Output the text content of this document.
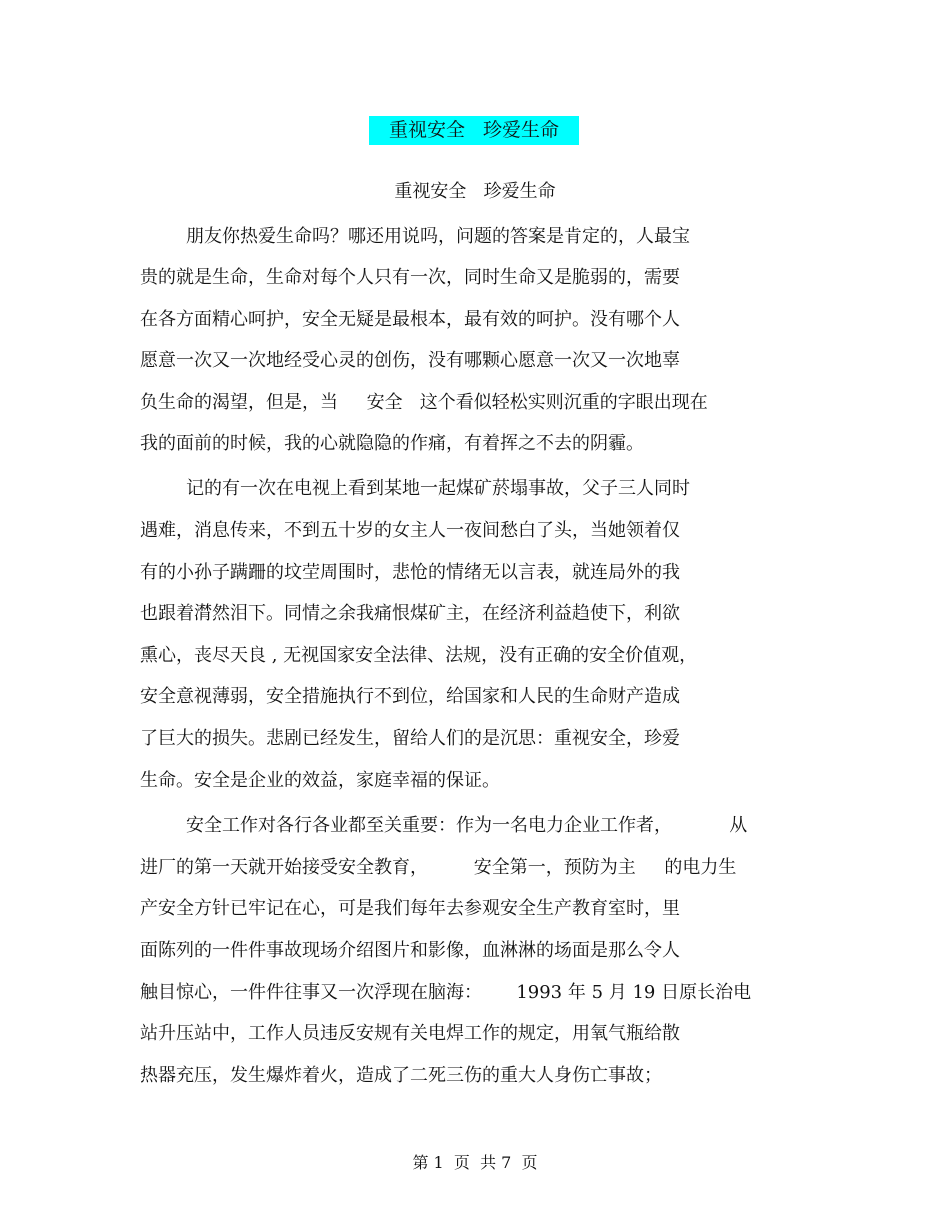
重视安全   珍爱生命
重视安全   珍爱生命
朋友你热爱生命吗？哪还用说吗，问题的答案是肯定的，人最宝
贵的就是生命，生命对每个人只有一次，同时生命又是脆弱的，需要
在各方面精心呵护，安全无疑是最根本，最有效的呵护。没有哪个人
愿意一次又一次地经受心灵的创伤，没有哪颗心愿意一次又一次地辜
负生命的渴望，但是，当     安全   这个看似轻松实则沉重的字眼出现在
我的面前的时候，我的心就隐隐的作痛，有着挥之不去的阴霾。
记的有一次在电视上看到某地一起煤矿菸塌事故，父子三人同时
遇难，消息传来，不到五十岁的女主人一夜间愁白了头，当她领着仅
有的小孙子蹒跚的坟茔周围时，悲怆的情绪无以言表，就连局外的我
也跟着潸然泪下。同情之余我痛恨煤矿主，在经济利益趋使下，利欲
熏心，丧尽天良 , 无视国家安全法律、法规，没有正确的安全价值观，
安全意视薄弱，安全措施执行不到位，给国家和人民的生命财产造成
了巨大的损失。悲剧已经发生，留给人们的是沉思：重视安全，珍爱
生命。安全是企业的效益，家庭幸福的保证。
安全工作对各行各业都至关重要：作为一名电力企业工作者，          从
进厂的第一天就开始接受安全教育，        安全第一，预防为主     的电力生
产安全方针已牢记在心，可是我们每年去参观安全生产教育室时，里
面陈列的一件件事故现场介绍图片和影像，血淋淋的场面是那么令人
触目惊心，一件件往事又一次浮现在脑海：      1993 年 5 月 19 日原长治电
站升压站中，工作人员违反安规有关电焊工作的规定，用氧气瓶给散
热器充压，发生爆炸着火，造成了二死三伤的重大人身伤亡事故；
第 1  页  共 7  页
